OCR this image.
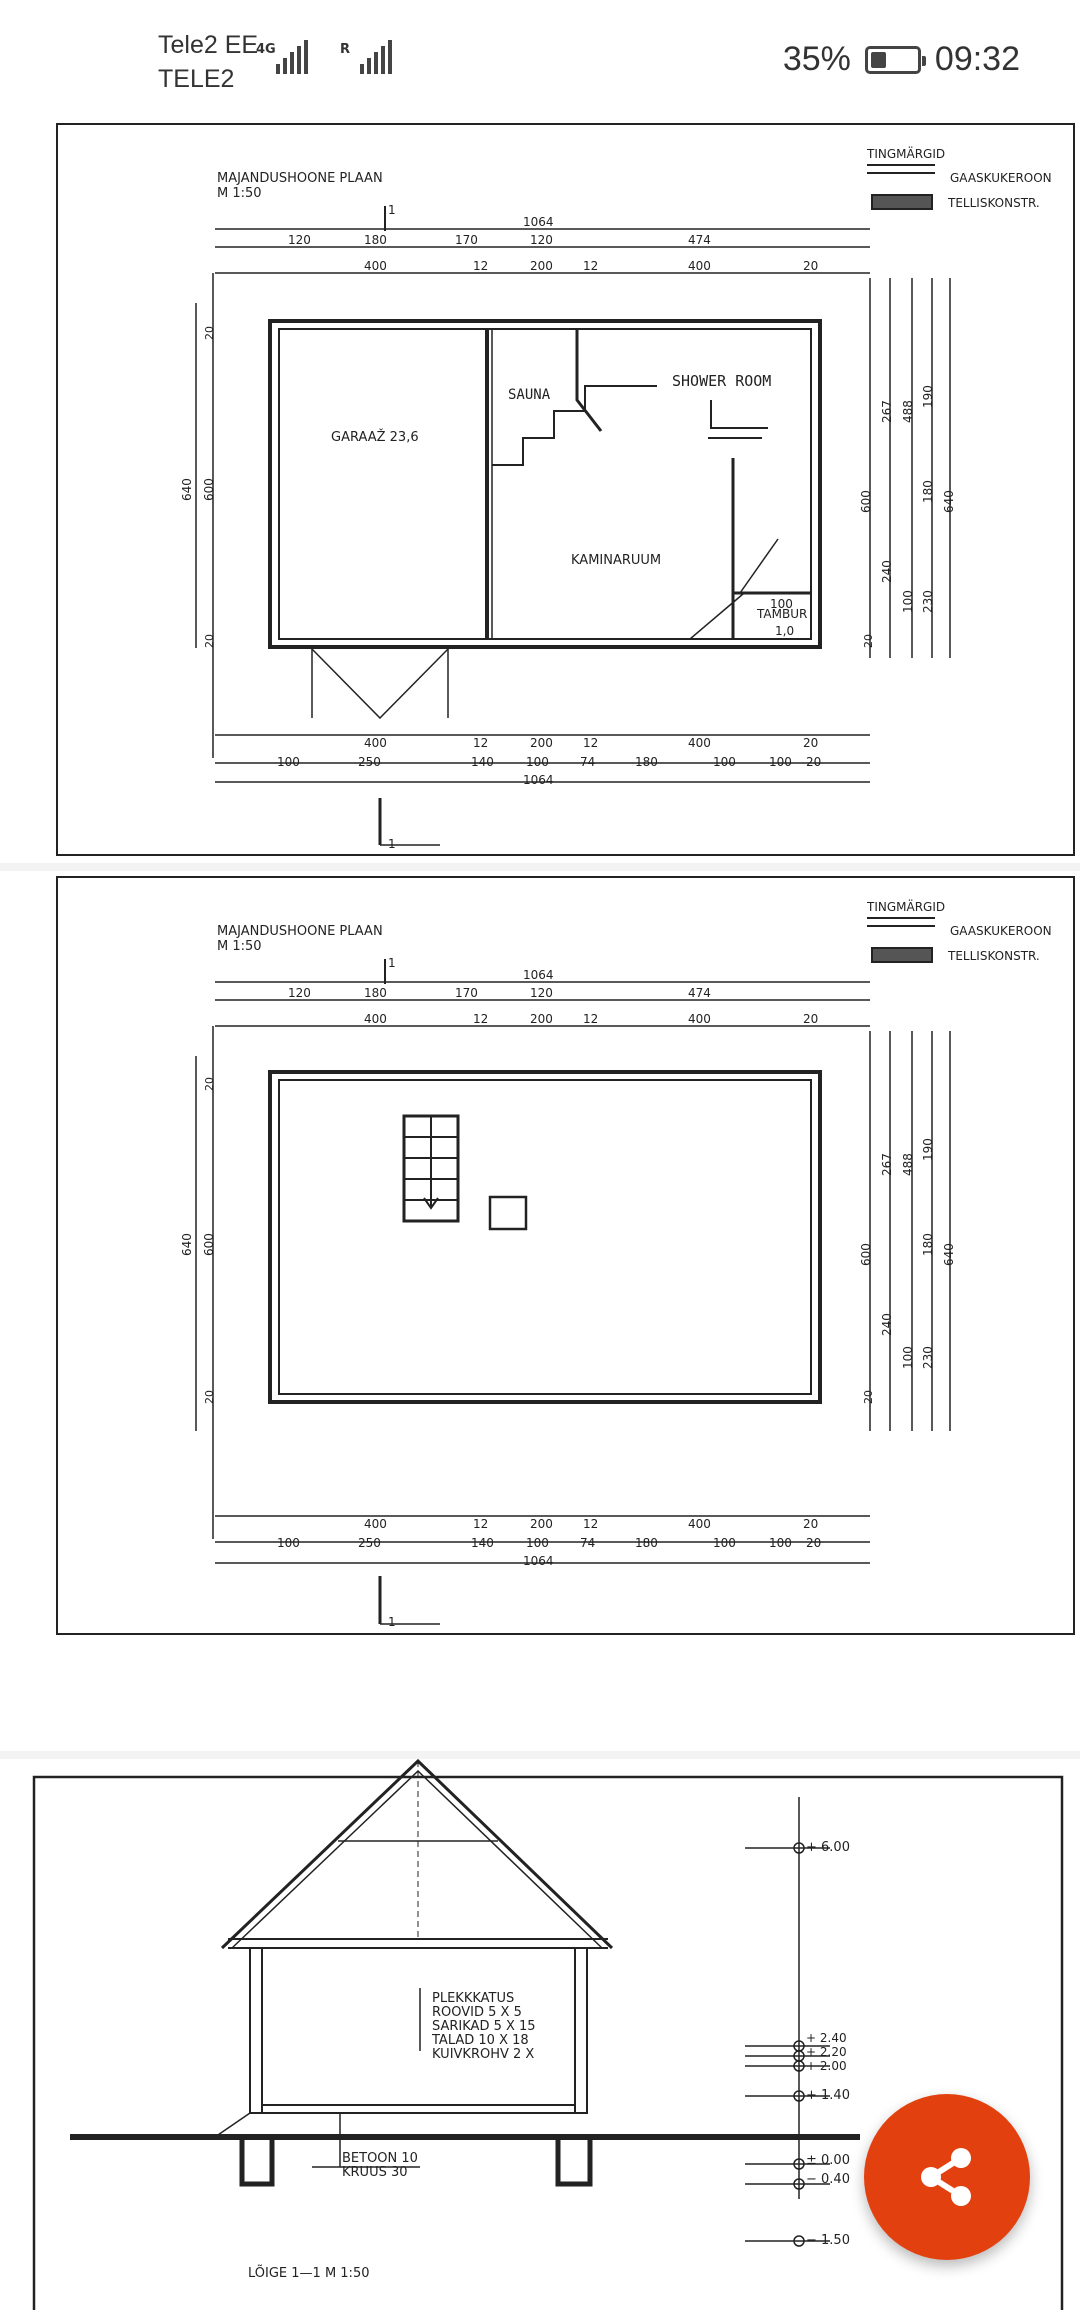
Tele2 EE
TELE2
4G	R	35% 09:32
MAJANDUSHOONE PLAAN
M 1:50
TINGMÄRGID
GAASKUKEROON
TELLISKONSTR.
1
1
1064
1064
120	180	170	120	474
400	12	200	12	400	20
400	12	200	12	400	20
100	250	140	100	74	180	100	100 20
640 600
20
20
600
267 488
190
180 640
240
100 230
20
GARAAŽ 23,6
SAUNA
SHOWER ROOM
KAMINARUUM
TAMBUR
1,0
100
MAJANDUSHOONE PLAAN
M 1:50
TINGMÄRGID
GAASKUKEROON
TELLISKONSTR.
1
1
1064
1064
120	180	170	120	474
400	12	200	12	400	20
400	12	200	12	400	20
100	250	140	100	74	180	100	100 20
640 600
20
20
600
267 488
190
180 640
240
100 230
20
+ 6.00
+ 2.40
+ 2.20
+ 2.00
+ 1.40
± 0.00
− 0.40
− 1.50
PLEKKKATUS
ROOVID 5 X 5
SARIKAD 5 X 15
TALAD 10 X 18
KUIVKROHV 2 X
BETOON 10
KRUUS 30
LÕIGE 1—1 M 1:50
